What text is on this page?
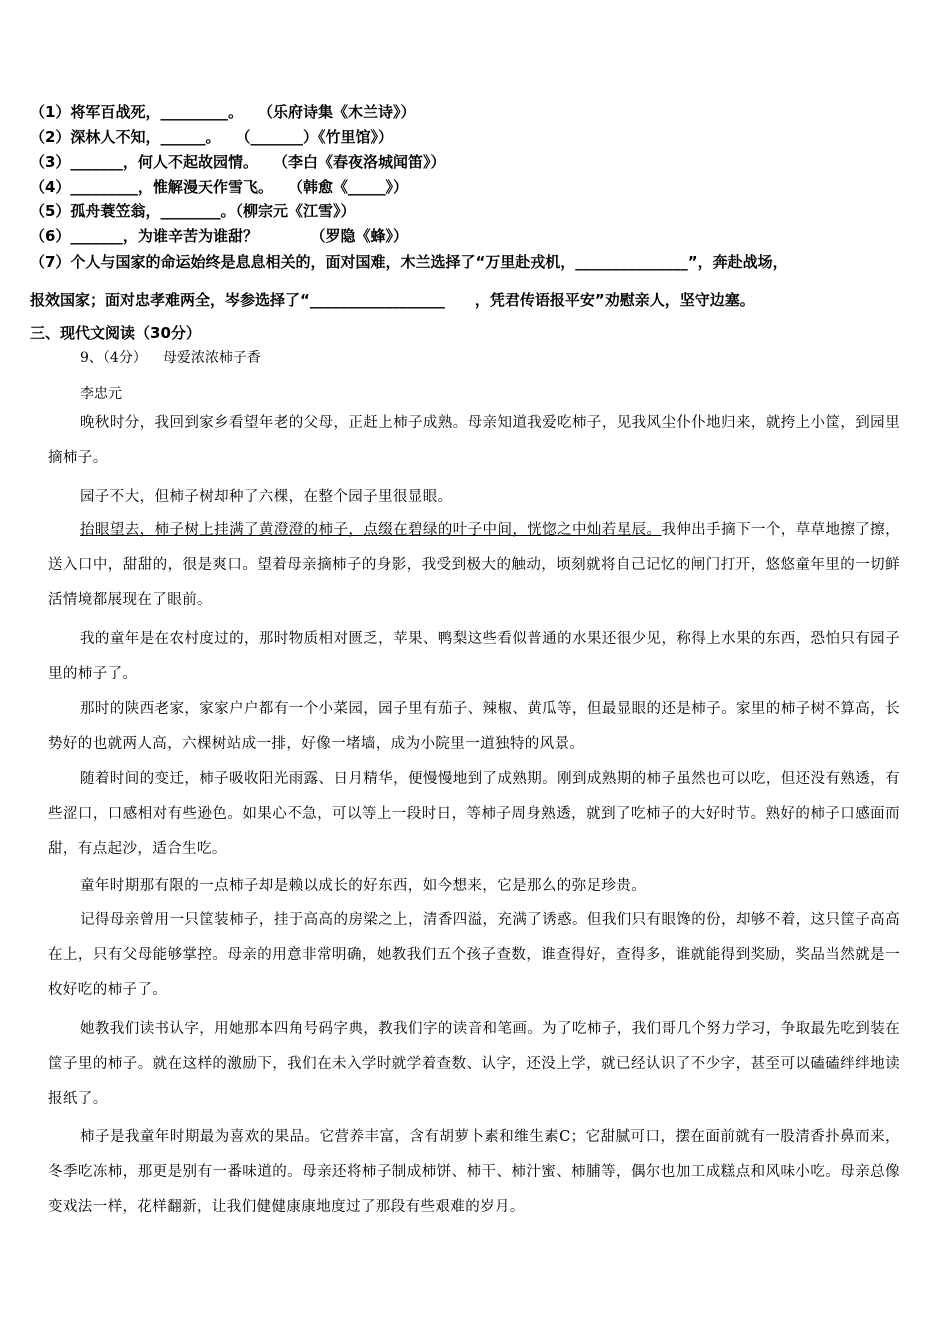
（1）将军百战死，_________。　　（乐府诗集《木兰诗》）
（2）深林人不知，______。　　（_______）《竹里馆》）
（3）_______，何人不起故园情。　　（李白《春夜洛城闻笛》）
（4）_________，惟解漫天作雪飞。　　（韩愈《_____》）
（5）孤舟蓑笠翁，________。（柳宗元《江雪》）
（6）_______，为谁辛苦为谁甜？　　　　（罗隐《蜂》）
（7）个人与国家的命运始终是息息相关的，面对国难，木兰选择了“万里赴戎机，_______________”，奔赴战场，
报效国家；面对忠孝难两全，岑参选择了“__________________　　，凭君传语报平安”劝慰亲人，坚守边塞。
三、现代文阅读（30分）
9、（4分） 母爱浓浓柿子香
李忠元

晚秋时分，我回到家乡看望年老的父母，正赶上柿子成熟。母亲知道我爱吃柿子，见我风尘仆仆地归来，就挎上小筐，到园里摘柿子。

园子不大，但柿子树却种了六棵，在整个园子里很显眼。

抬眼望去，柿子树上挂满了黄澄澄的柿子，点缀在碧绿的叶子中间，恍惚之中灿若星辰。我伸出手摘下一个，草草地擦了擦，送入口中，甜甜的，很是爽口。望着母亲摘柿子的身影，我受到极大的触动，顷刻就将自己记忆的闸门打开，悠悠童年里的一切鲜活情境都展现在了眼前。

我的童年是在农村度过的，那时物质相对匮乏，苹果、鸭梨这些看似普通的水果还很少见，称得上水果的东西，恐怕只有园子里的柿子了。

那时的陕西老家，家家户户都有一个小菜园，园子里有茄子、辣椒、黄瓜等，但最显眼的还是柿子。家里的柿子树不算高，长势好的也就两人高，六棵树站成一排，好像一堵墙，成为小院里一道独特的风景。

随着时间的变迁，柿子吸收阳光雨露、日月精华，便慢慢地到了成熟期。刚到成熟期的柿子虽然也可以吃，但还没有熟透，有些涩口，口感相对有些逊色。如果心不急，可以等上一段时日，等柿子周身熟透，就到了吃柿子的大好时节。熟好的柿子口感面而甜，有点起沙，适合生吃。

童年时期那有限的一点柿子却是赖以成长的好东西，如今想来，它是那么的弥足珍贵。

记得母亲曾用一只筐装柿子，挂于高高的房梁之上，清香四溢，充满了诱惑。但我们只有眼馋的份，却够不着，这只筐子高高在上，只有父母能够掌控。母亲的用意非常明确，她教我们五个孩子查数，谁查得好，查得多，谁就能得到奖励，奖品当然就是一枚好吃的柿子了。

她教我们读书认字，用她那本四角号码字典，教我们字的读音和笔画。为了吃柿子，我们哥几个努力学习，争取最先吃到装在筐子里的柿子。就在这样的激励下，我们在未入学时就学着查数、认字，还没上学，就已经认识了不少字，甚至可以磕磕绊绊地读报纸了。

柿子是我童年时期最为喜欢的果品。它营养丰富，含有胡萝卜素和维生素C；它甜腻可口，摆在面前就有一股清香扑鼻而来，冬季吃冻柿，那更是别有一番味道的。母亲还将柿子制成柿饼、柿干、柿汁蜜、柿脯等，偶尔也加工成糕点和风味小吃。母亲总像变戏法一样，花样翻新，让我们健健康康地度过了那段有些艰难的岁月。
